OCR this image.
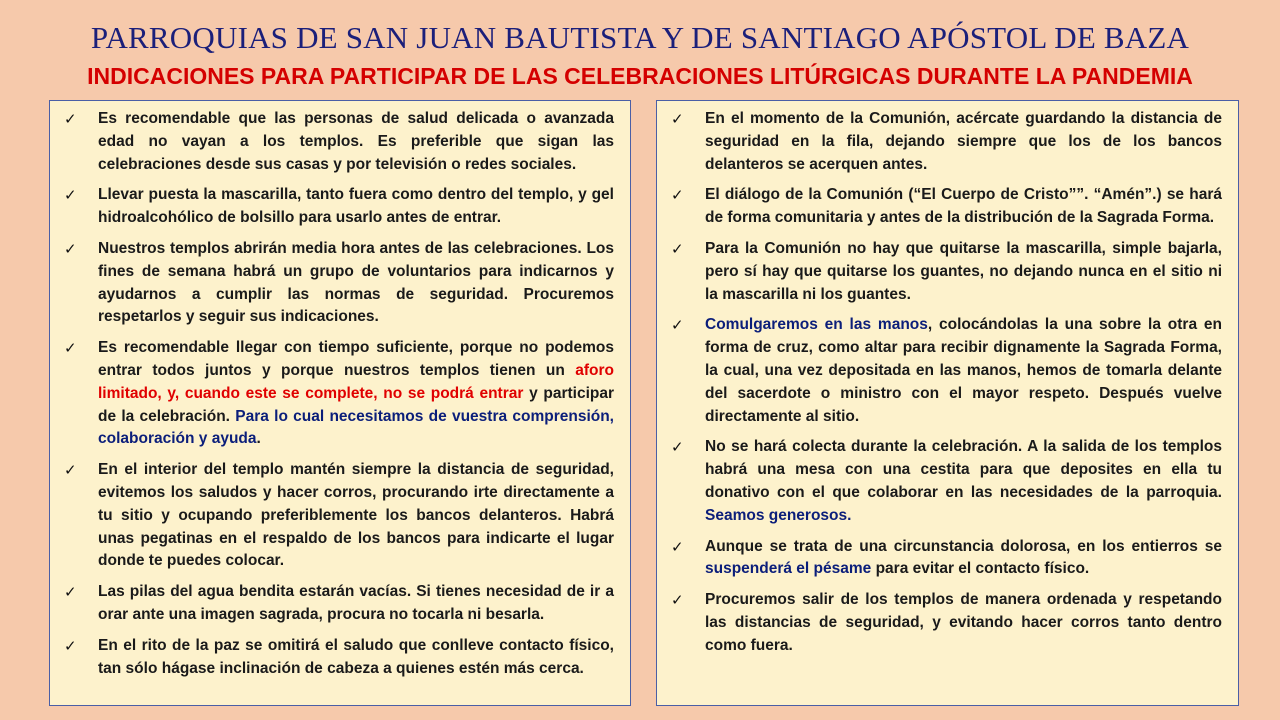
PARROQUIAS DE SAN JUAN BAUTISTA Y DE SANTIAGO APÓSTOL DE BAZA
INDICACIONES PARA PARTICIPAR DE LAS CELEBRACIONES LITÚRGICAS DURANTE LA PANDEMIA
✓ Es recomendable que las personas de salud delicada o avanzada edad no vayan a los templos. Es preferible que sigan las celebraciones desde sus casas y por televisión o redes sociales.
✓ Llevar puesta la mascarilla, tanto fuera como dentro del templo, y gel hidroalcohólico de bolsillo para usarlo antes de entrar.
✓ Nuestros templos abrirán media hora antes de las celebraciones. Los fines de semana habrá un grupo de voluntarios para indicarnos y ayudarnos a cumplir las normas de seguridad. Procuremos respetarlos y seguir sus indicaciones.
✓ Es recomendable llegar con tiempo suficiente, porque no podemos entrar todos juntos y porque nuestros templos tienen un aforo limitado, y, cuando este se complete, no se podrá entrar y participar de la celebración. Para lo cual necesitamos de vuestra comprensión, colaboración y ayuda.
✓ En el interior del templo mantén siempre la distancia de seguridad, evitemos los saludos y hacer corros, procurando irte directamente a tu sitio y ocupando preferiblemente los bancos delanteros. Habrá unas pegatinas en el respaldo de los bancos para indicarte el lugar donde te puedes colocar.
✓ Las pilas del agua bendita estarán vacías. Si tienes necesidad de ir a orar ante una imagen sagrada, procura no tocarla ni besarla.
✓ En el rito de la paz se omitirá el saludo que conlleve contacto físico, tan sólo hágase inclinación de cabeza a quienes estén más cerca.
✓ En el momento de la Comunión, acércate guardando la distancia de seguridad en la fila, dejando siempre que los de los bancos delanteros se acerquen antes.
✓ El diálogo de la Comunión (“El Cuerpo de Cristo””. “Amén”.) se hará de forma comunitaria y antes de la distribución de la Sagrada Forma.
✓ Para la Comunión no hay que quitarse la mascarilla, simple bajarla, pero sí hay que quitarse los guantes, no dejando nunca en el sitio ni la mascarilla ni los guantes.
✓ Comulgaremos en las manos, colocándolas la una sobre la otra en forma de cruz, como altar para recibir dignamente la Sagrada Forma, la cual, una vez depositada en las manos, hemos de tomarla delante del sacerdote o ministro con el mayor respeto. Después vuelve directamente al sitio.
✓ No se hará colecta durante la celebración. A la salida de los templos habrá una mesa con una cestita para que deposites en ella tu donativo con el que colaborar en las necesidades de la parroquia. Seamos generosos.
✓ Aunque se trata de una circunstancia dolorosa, en los entierros se suspenderá el pésame para evitar el contacto físico.
✓ Procuremos salir de los templos de manera ordenada y respetando las distancias de seguridad, y evitando hacer corros tanto dentro como fuera.
